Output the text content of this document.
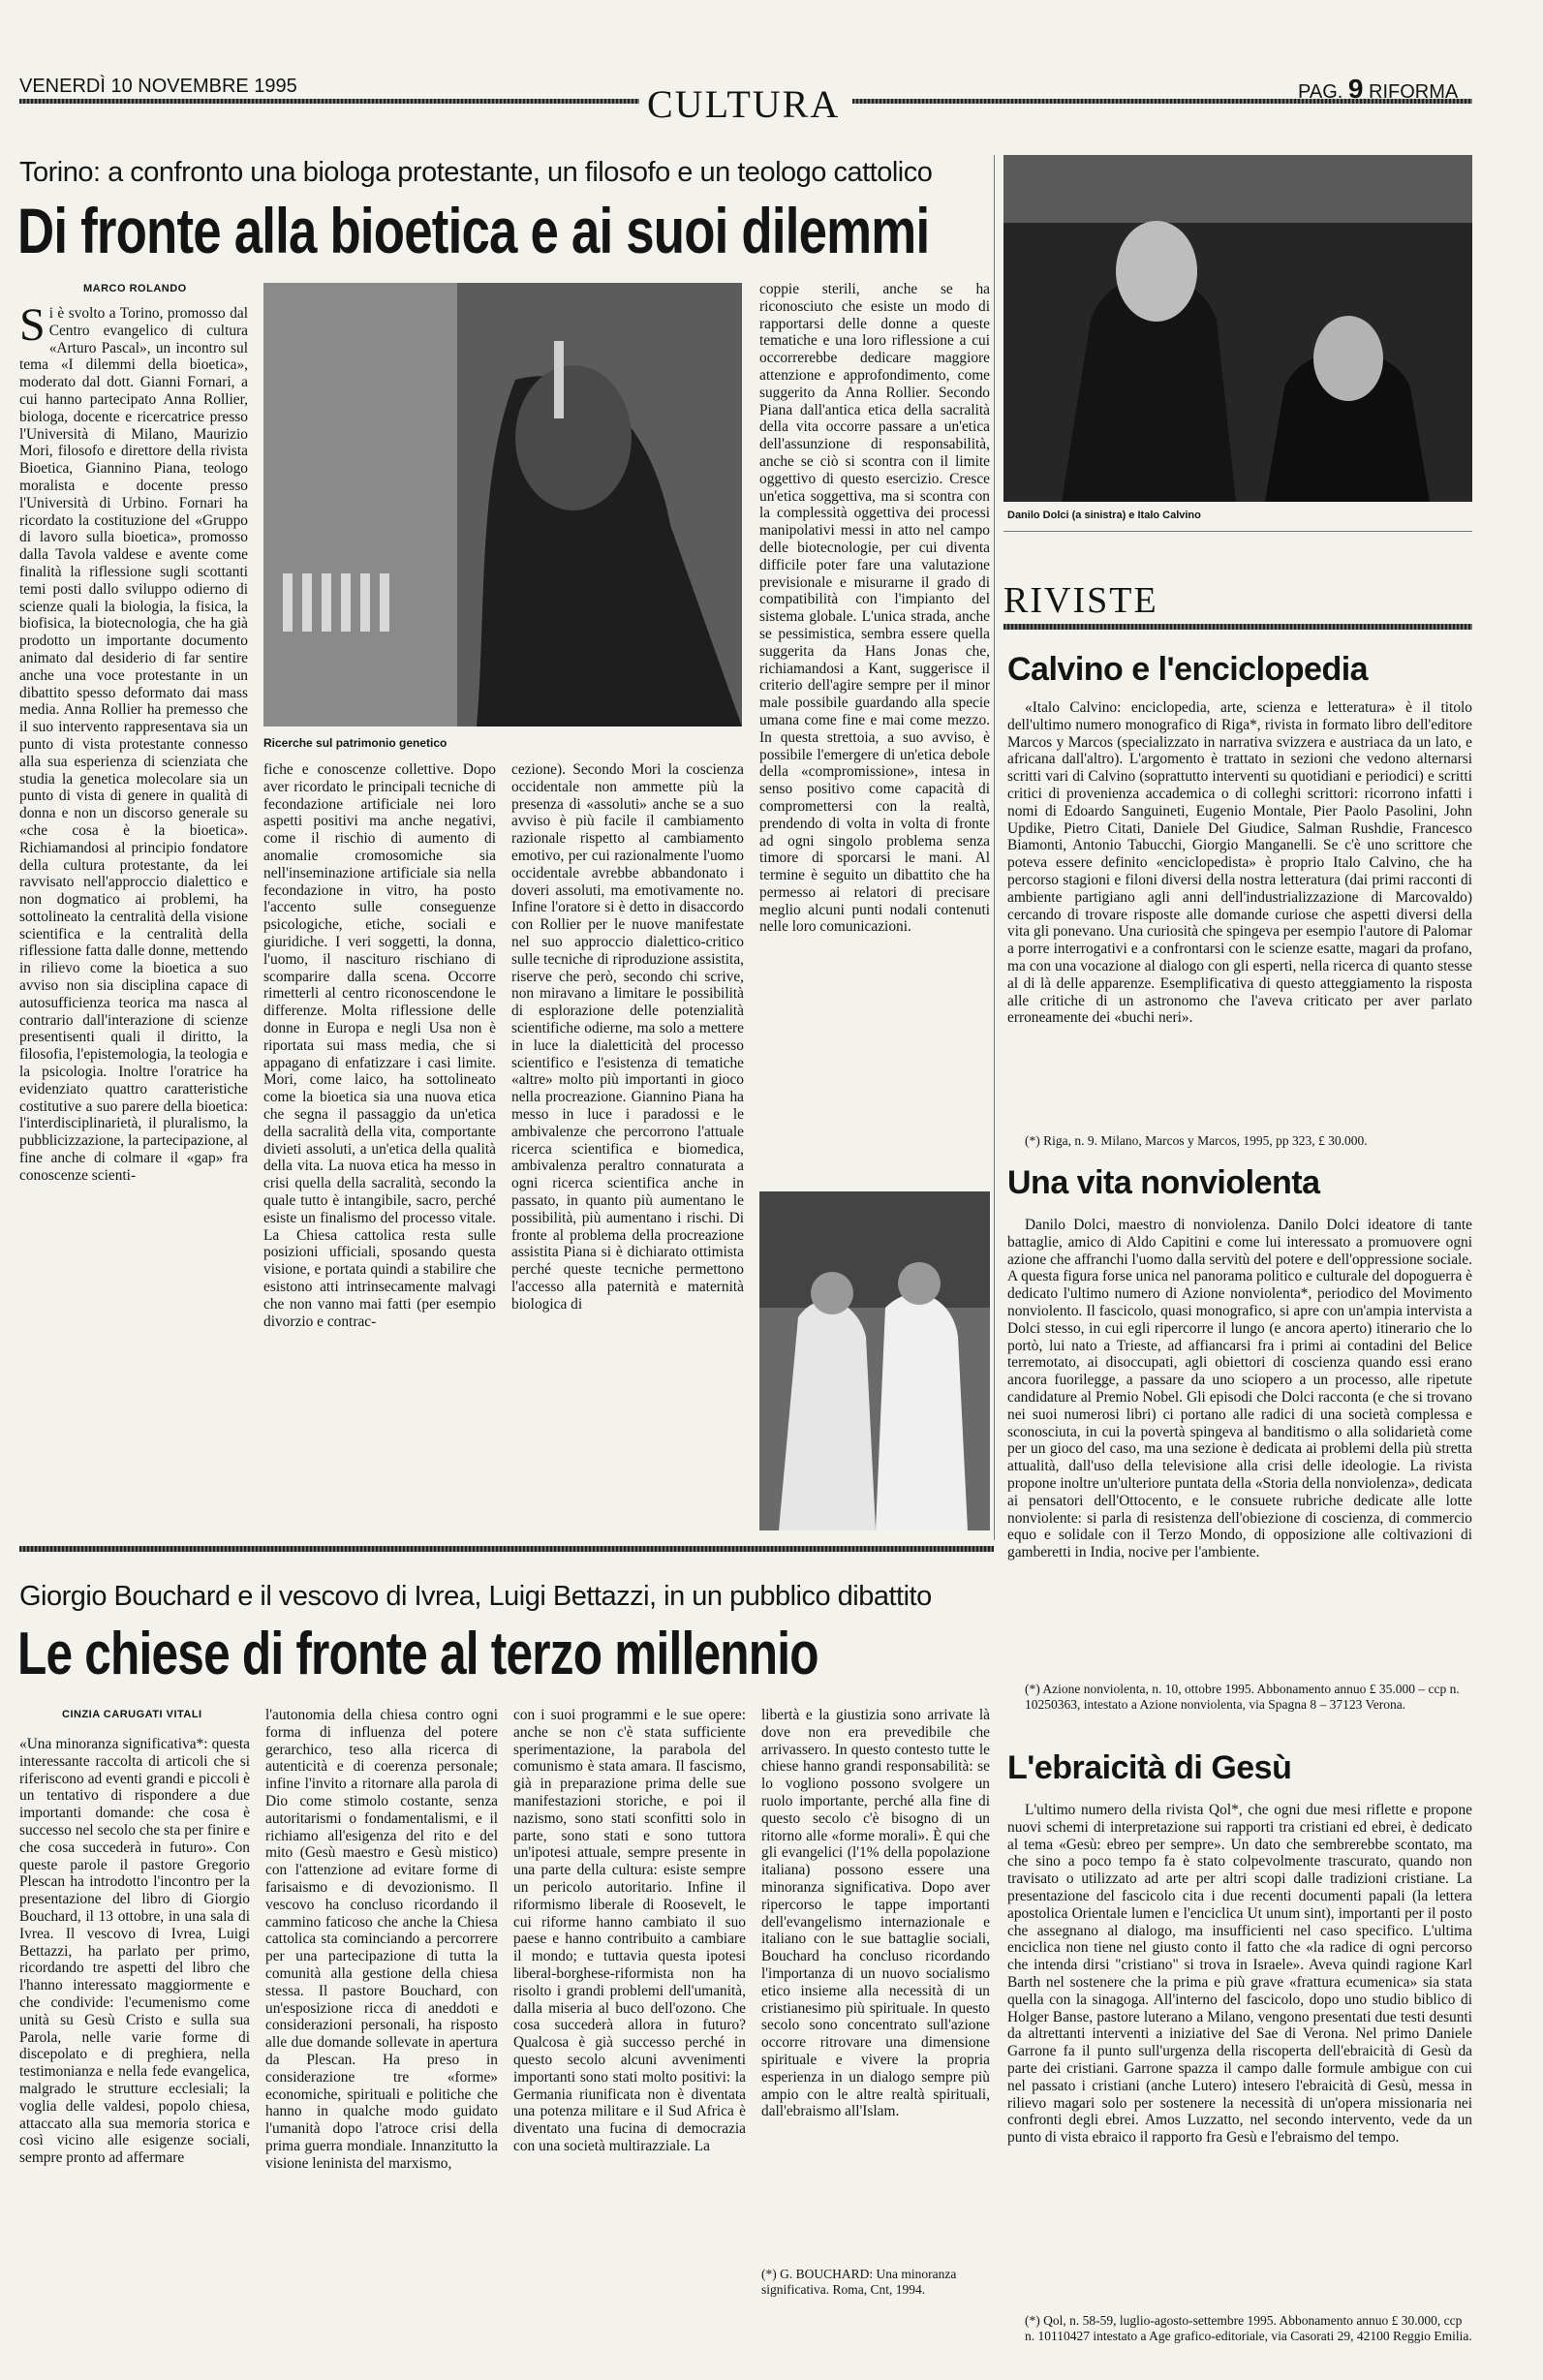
VENERDÌ 10 NOVEMBRE 1995	CULTURA	PAG. 9 RIFORMA
Torino: a confronto una biologa protestante, un filosofo e un teologo cattolico
Di fronte alla bioetica e ai suoi dilemmi
MARCO ROLANDO
Si è svolto a Torino, promosso dal Centro evangelico di cultura «Arturo Pascal», un incontro sul tema «I dilemmi della bioetica», moderato dal dott. Gianni Fornari, a cui hanno partecipato Anna Rollier, biologa, docente e ricercatrice presso l'Università di Milano, Maurizio Mori, filosofo e direttore della rivista Bioetica, Giannino Piana, teologo moralista e docente presso l'Università di Urbino. Fornari ha ricordato la costituzione del «Gruppo di lavoro sulla bioetica», promosso dalla Tavola valdese e avente come finalità la riflessione sugli scottanti temi posti dallo sviluppo odierno di scienze quali la biologia, la fisica, la biofisica, la biotecnologia, che ha già prodotto un importante documento animato dal desiderio di far sentire anche una voce protestante in un dibattito spesso deformato dai mass media. Anna Rollier ha premesso che il suo intervento rappresentava sia un punto di vista protestante connesso alla sua esperienza di scienziata che studia la genetica molecolare sia un punto di vista di genere in qualità di donna e non un discorso generale su «che cosa è la bioetica». Richiamandosi al principio fondatore della cultura protestante, da lei ravvisato nell'approccio dialettico e non dogmatico ai problemi, ha sottolineato la centralità della visione scientifica e la centralità della riflessione fatta dalle donne, mettendo in rilievo come la bioetica a suo avviso non sia disciplina capace di autosufficienza teorica ma nasca al contrario dall'interazione di scienze presentisenti quali il diritto, la filosofia, l'epistemologia, la teologia e la psicologia. Inoltre l'oratrice ha evidenziato quattro caratteristiche costitutive a suo parere della bioetica: l'interdisciplinarietà, il pluralismo, la pubblicizzazione, la partecipazione, al fine anche di colmare il «gap» fra conoscenze scienti-
Ricerche sul patrimonio genetico
fiche e conoscenze collettive. Dopo aver ricordato le principali tecniche di fecondazione artificiale nei loro aspetti positivi ma anche negativi, come il rischio di aumento di anomalie cromosomiche sia nell'inseminazione artificiale sia nella fecondazione in vitro, ha posto l'accento sulle conseguenze psicologiche, etiche, sociali e giuridiche. I veri soggetti, la donna, l'uomo, il nascituro rischiano di scomparire dalla scena. Occorre rimetterli al centro riconoscendone le differenze. Molta riflessione delle donne in Europa e negli Usa non è riportata sui mass media, che si appagano di enfatizzare i casi limite. Mori, come laico, ha sottolineato come la bioetica sia una nuova etica che segna il passaggio da un'etica della sacralità della vita, comportante divieti assoluti, a un'etica della qualità della vita. La nuova etica ha messo in crisi quella della sacralità, secondo la quale tutto è intangibile, sacro, perché esiste un finalismo del processo vitale. La Chiesa cattolica resta sulle posizioni ufficiali, sposando questa visione, e portata quindi a stabilire che esistono atti intrinsecamente malvagi che non vanno mai fatti (per esempio divorzio e contrac-
cezione). Secondo Mori la coscienza occidentale non ammette più la presenza di «assoluti» anche se a suo avviso è più facile il cambiamento razionale rispetto al cambiamento emotivo, per cui razionalmente l'uomo occidentale avrebbe abbandonato i doveri assoluti, ma emotivamente no. Infine l'oratore si è detto in disaccordo con Rollier per le nuove manifestate nel suo approccio dialettico-critico sulle tecniche di riproduzione assistita, riserve che però, secondo chi scrive, non miravano a limitare le possibilità di esplorazione delle potenzialità scientifiche odierne, ma solo a mettere in luce la dialetticità del processo scientifico e l'esistenza di tematiche «altre» molto più importanti in gioco nella procreazione. Giannino Piana ha messo in luce i paradossi e le ambivalenze che percorrono l'attuale ricerca scientifica e biomedica, ambivalenza peraltro connaturata a ogni ricerca scientifica anche in passato, in quanto più aumentano le possibilità, più aumentano i rischi. Di fronte al problema della procreazione assistita Piana si è dichiarato ottimista perché queste tecniche permettono l'accesso alla paternità e maternità biologica di
coppie sterili, anche se ha riconosciuto che esiste un modo di rapportarsi delle donne a queste tematiche e una loro riflessione a cui occorrerebbe dedicare maggiore attenzione e approfondimento, come suggerito da Anna Rollier. Secondo Piana dall'antica etica della sacralità della vita occorre passare a un'etica dell'assunzione di responsabilità, anche se ciò si scontra con il limite oggettivo di questo esercizio. Cresce un'etica soggettiva, ma si scontra con la complessità oggettiva dei processi manipolativi messi in atto nel campo delle biotecnologie, per cui diventa difficile poter fare una valutazione previsionale e misurarne il grado di compatibilità con l'impianto del sistema globale. L'unica strada, anche se pessimistica, sembra essere quella suggerita da Hans Jonas che, richiamandosi a Kant, suggerisce il criterio dell'agire sempre per il minor male possibile guardando alla specie umana come fine e mai come mezzo. In questa strettoia, a suo avviso, è possibile l'emergere di un'etica debole della «compromissione», intesa in senso positivo come capacità di compromettersi con la realtà, prendendo di volta in volta di fronte ad ogni singolo problema senza timore di sporcarsi le mani. Al termine è seguito un dibattito che ha permesso ai relatori di precisare meglio alcuni punti nodali contenuti nelle loro comunicazioni.
Danilo Dolci (a sinistra) e Italo Calvino
RIVISTE
Calvino e l'enciclopedia

«Italo Calvino: enciclopedia, arte, scienza e letteratura» è il titolo dell'ultimo numero monografico di Riga*, rivista in formato libro dell'editore Marcos y Marcos (specializzato in narrativa svizzera e austriaca da un lato, e africana dall'altro). L'argomento è trattato in sezioni che vedono alternarsi scritti vari di Calvino (soprattutto interventi su quotidiani e periodici) e scritti critici di provenienza accademica o di colleghi scrittori: ricorrono infatti i nomi di Edoardo Sanguineti, Eugenio Montale, Pier Paolo Pasolini, John Updike, Pietro Citati, Daniele Del Giudice, Salman Rushdie, Francesco Biamonti, Antonio Tabucchi, Giorgio Manganelli. Se c'è uno scrittore che poteva essere definito «enciclopedista» è proprio Italo Calvino, che ha percorso stagioni e filoni diversi della nostra letteratura (dai primi racconti di ambiente partigiano agli anni dell'industrializzazione di Marcovaldo) cercando di trovare risposte alle domande curiose che aspetti diversi della vita gli ponevano. Una curiosità che spingeva per esempio l'autore di Palomar a porre interrogativi e a confrontarsi con le scienze esatte, magari da profano, ma con una vocazione al dialogo con gli esperti, nella ricerca di quanto stesse al di là delle apparenze. Esemplificativa di questo atteggiamento la risposta alle critiche di un astronomo che l'aveva criticato per aver parlato erroneamente dei «buchi neri».

(*) Riga, n. 9. Milano, Marcos y Marcos, 1995, pp 323, £ 30.000.
Una vita nonviolenta

Danilo Dolci, maestro di nonviolenza. Danilo Dolci ideatore di tante battaglie, amico di Aldo Capitini e come lui interessato a promuovere ogni azione che affranchi l'uomo dalla servitù del potere e dell'oppressione sociale. A questa figura forse unica nel panorama politico e culturale del dopoguerra è dedicato l'ultimo numero di Azione nonviolenta*, periodico del Movimento nonviolento. Il fascicolo, quasi monografico, si apre con un'ampia intervista a Dolci stesso, in cui egli ripercorre il lungo (e ancora aperto) itinerario che lo portò, lui nato a Trieste, ad affiancarsi fra i primi ai contadini del Belice terremotato, ai disoccupati, agli obiettori di coscienza quando essi erano ancora fuorilegge, a passare da uno sciopero a un processo, alle ripetute candidature al Premio Nobel. Gli episodi che Dolci racconta (e che si trovano nei suoi numerosi libri) ci portano alle radici di una società complessa e sconosciuta, in cui la povertà spingeva al banditismo o alla solidarietà come per un gioco del caso, ma una sezione è dedicata ai problemi della più stretta attualità, dall'uso della televisione alla crisi delle ideologie. La rivista propone inoltre un'ulteriore puntata della «Storia della nonviolenza», dedicata ai pensatori dell'Ottocento, e le consuete rubriche dedicate alle lotte nonviolente: si parla di resistenza dell'obiezione di coscienza, di commercio equo e solidale con il Terzo Mondo, di opposizione alle coltivazioni di gamberetti in India, nocive per l'ambiente.

(*) Azione nonviolenta, n. 10, ottobre 1995. Abbonamento annuo £ 35.000 – ccp n. 10250363, intestato a Azione nonviolenta, via Spagna 8 – 37123 Verona.
L'ebraicità di Gesù

L'ultimo numero della rivista Qol*, che ogni due mesi riflette e propone nuovi schemi di interpretazione sui rapporti tra cristiani ed ebrei, è dedicato al tema «Gesù: ebreo per sempre». Un dato che sembrerebbe scontato, ma che sino a poco tempo fa è stato colpevolmente trascurato, quando non travisato o utilizzato ad arte per altri scopi dalle tradizioni cristiane. La presentazione del fascicolo cita i due recenti documenti papali (la lettera apostolica Orientale lumen e l'enciclica Ut unum sint), importanti per il posto che assegnano al dialogo, ma insufficienti nel caso specifico. L'ultima enciclica non tiene nel giusto conto il fatto che «la radice di ogni percorso che intenda dirsi "cristiano" si trova in Israele». Aveva quindi ragione Karl Barth nel sostenere che la prima e più grave «frattura ecumenica» sia stata quella con la sinagoga. All'interno del fascicolo, dopo uno studio biblico di Holger Banse, pastore luterano a Milano, vengono presentati due testi desunti da altrettanti interventi a iniziative del Sae di Verona. Nel primo Daniele Garrone fa il punto sull'urgenza della riscoperta dell'ebraicità di Gesù da parte dei cristiani. Garrone spazza il campo dalle formule ambigue con cui nel passato i cristiani (anche Lutero) intesero l'ebraicità di Gesù, messa in rilievo magari solo per sostenere la necessità di un'opera missionaria nei confronti degli ebrei. Amos Luzzatto, nel secondo intervento, vede da un punto di vista ebraico il rapporto fra Gesù e l'ebraismo del tempo.

(*) Qol, n. 58-59, luglio-agosto-settembre 1995. Abbonamento annuo £ 30.000, ccp n. 10110427 intestato a Age grafico-editoriale, via Casorati 29, 42100 Reggio Emilia.
Giorgio Bouchard e il vescovo di Ivrea, Luigi Bettazzi, in un pubblico dibattito
Le chiese di fronte al terzo millennio
CINZIA CARUGATI VITALI
«Una minoranza significativa*: questa interessante raccolta di articoli che si riferiscono ad eventi grandi e piccoli è un tentativo di rispondere a due importanti domande: che cosa è successo nel secolo che sta per finire e che cosa succederà in futuro». Con queste parole il pastore Gregorio Plescan ha introdotto l'incontro per la presentazione del libro di Giorgio Bouchard, il 13 ottobre, in una sala di Ivrea. Il vescovo di Ivrea, Luigi Bettazzi, ha parlato per primo, ricordando tre aspetti del libro che l'hanno interessato maggiormente e che condivide: l'ecumenismo come unità su Gesù Cristo e sulla sua Parola, nelle varie forme di discepolato e di preghiera, nella testimonianza e nella fede evangelica, malgrado le strutture ecclesiali; la voglia delle valdesi, popolo chiesa, attaccato alla sua memoria storica e così vicino alle esigenze sociali, sempre pronto ad affermare
l'autonomia della chiesa contro ogni forma di influenza del potere gerarchico, teso alla ricerca di autenticità e di coerenza personale; infine l'invito a ritornare alla parola di Dio come stimolo costante, senza autoritarismi o fondamentalismi, e il richiamo all'esigenza del rito e del mito (Gesù maestro e Gesù mistico) con l'attenzione ad evitare forme di farisaismo e di devozionismo. Il vescovo ha concluso ricordando il cammino faticoso che anche la Chiesa cattolica sta cominciando a percorrere per una partecipazione di tutta la comunità alla gestione della chiesa stessa. Il pastore Bouchard, con un'esposizione ricca di aneddoti e considerazioni personali, ha risposto alle due domande sollevate in apertura da Plescan. Ha preso in considerazione tre «forme» economiche, spirituali e politiche che hanno in qualche modo guidato l'umanità dopo l'atroce crisi della prima guerra mondiale. Innanzitutto la visione leninista del marxismo,
con i suoi programmi e le sue opere: anche se non c'è stata sufficiente sperimentazione, la parabola del comunismo è stata amara. Il fascismo, già in preparazione prima delle sue manifestazioni storiche, e poi il nazismo, sono stati sconfitti solo in parte, sono stati e sono tuttora un'ipotesi attuale, sempre presente in una parte della cultura: esiste sempre un pericolo autoritario. Infine il riformismo liberale di Roosevelt, le cui riforme hanno cambiato il suo paese e hanno contribuito a cambiare il mondo; e tuttavia questa ipotesi liberal-borghese-riformista non ha risolto i grandi problemi dell'umanità, dalla miseria al buco dell'ozono. Che cosa succederà allora in futuro? Qualcosa è già successo perché in questo secolo alcuni avvenimenti importanti sono stati molto positivi: la Germania riunificata non è diventata una potenza militare e il Sud Africa è diventato una fucina di democrazia con una società multirazziale. La
libertà e la giustizia sono arrivate là dove non era prevedibile che arrivassero. In questo contesto tutte le chiese hanno grandi responsabilità: se lo vogliono possono svolgere un ruolo importante, perché alla fine di questo secolo c'è bisogno di un ritorno alle «forme morali». È qui che gli evangelici (l'1% della popolazione italiana) possono essere una minoranza significativa. Dopo aver ripercorso le tappe importanti dell'evangelismo internazionale e italiano con le sue battaglie sociali, Bouchard ha concluso ricordando l'importanza di un nuovo socialismo etico insieme alla necessità di un cristianesimo più spirituale. In questo secolo sono concentrato sull'azione occorre ritrovare una dimensione spirituale e vivere la propria esperienza in un dialogo sempre più ampio con le altre realtà spirituali, dall'ebraismo all'Islam.
(*) G. BOUCHARD: Una minoranza significativa. Roma, Cnt, 1994.
